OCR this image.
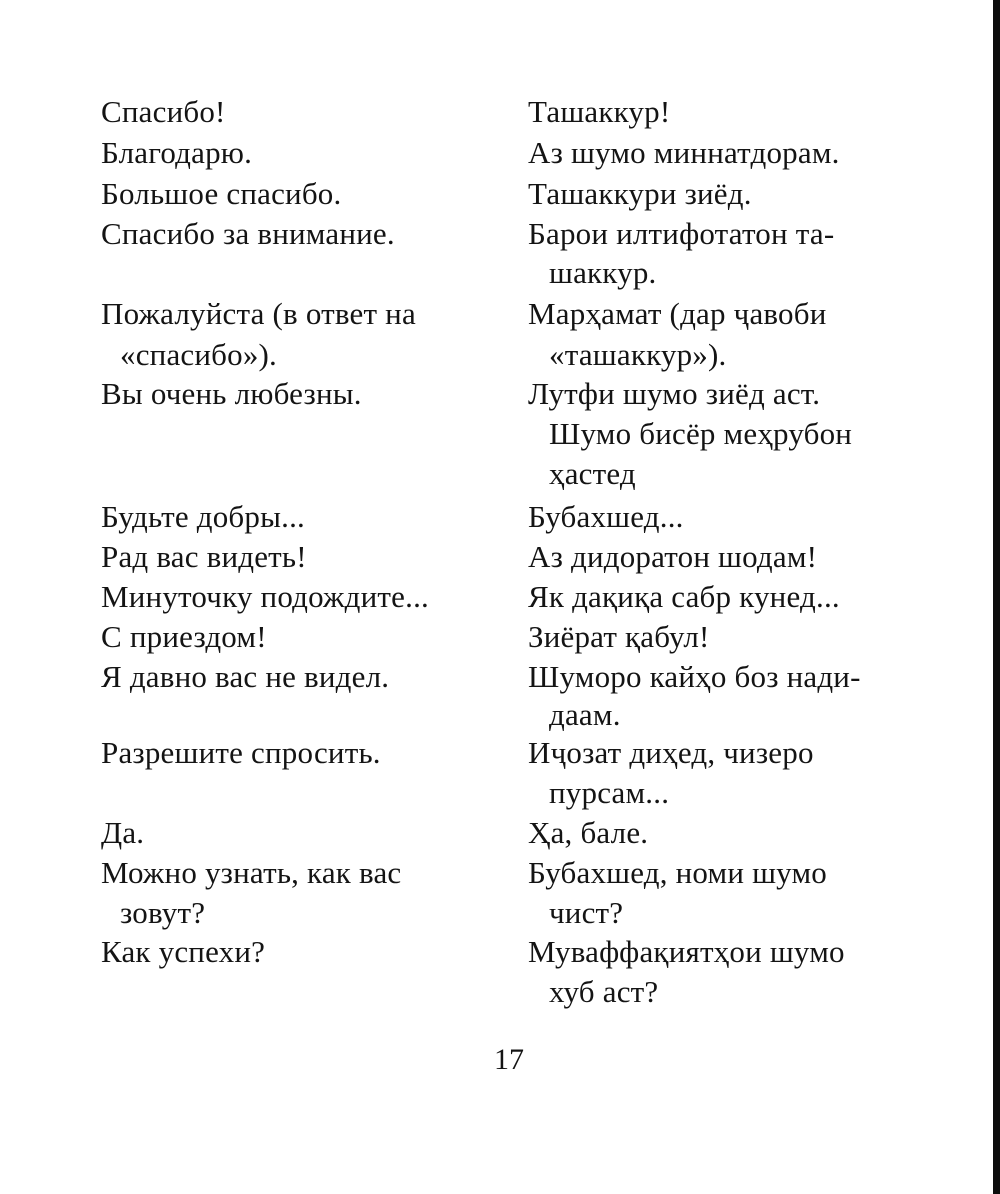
Спасибо!
Благодарю.
Большое спасибо.
Спасибо за внимание.
Пожалуйста (в ответ на
«спасибо»).
Вы очень любезны.
Будьте добры...
Рад вас видеть!
Минуточку подождите...
С приездом!
Я давно вас не видел.
Разрешите спросить.
Да.
Можно узнать, как вас
зовут?
Как успехи?
Ташаккур!
Аз шумо миннатдорам.
Ташаккури зиёд.
Барои илтифотатон та-
шаккур.
Марҳамат (дар ҷавоби
«ташаккур»).
Лутфи шумо зиёд аст.
Шумо бисёр меҳрубон
ҳастед
Бубахшед...
Аз дидоратон шодам!
Як дақиқа сабр кунед...
Зиёрат қабул!
Шуморо кайҳо боз нади-
даам.
Иҷозат диҳед, чизеро
пурсам...
Ҳа, бале.
Бубахшед, номи шумо
чист?
Муваффақиятҳои шумо
хуб аст?
17
